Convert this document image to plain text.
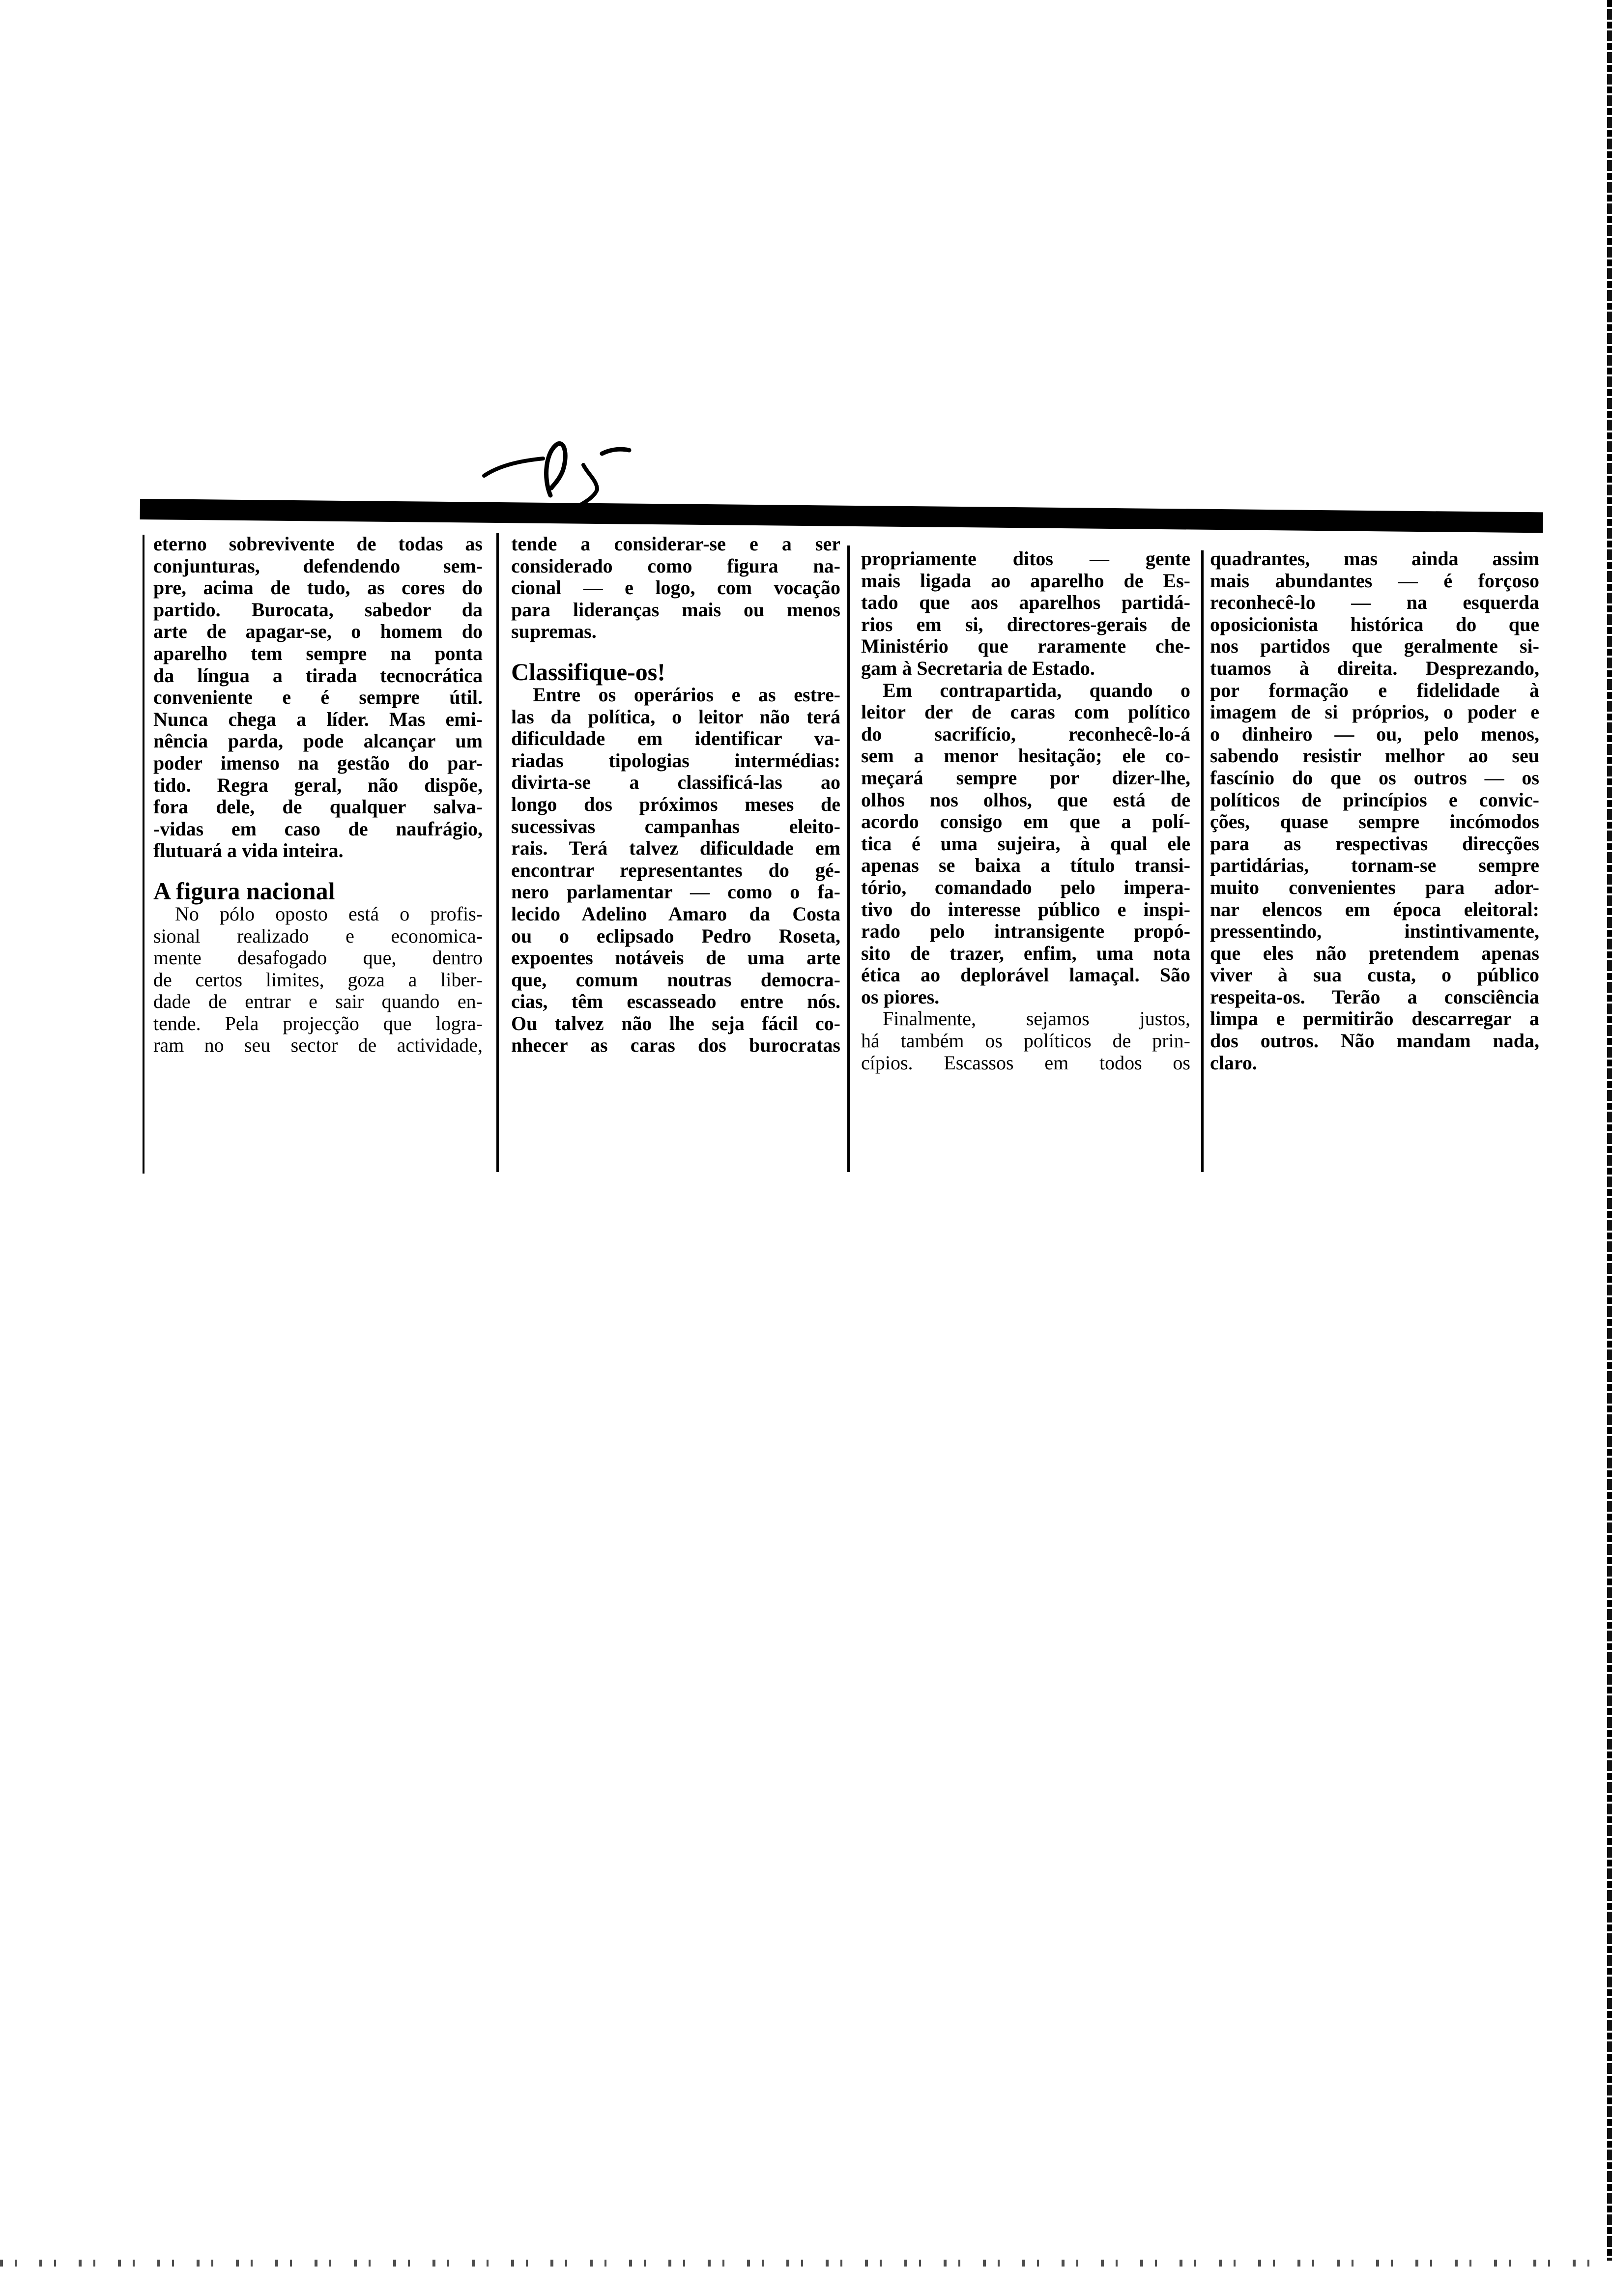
eterno sobrevivente de todas as
conjunturas, defendendo sem-
pre, acima de tudo, as cores do
partido. Burocata, sabedor da
arte de apagar-se, o homem do
aparelho tem sempre na ponta
da língua a tirada tecnocrática
conveniente e é sempre útil.
Nunca chega a líder. Mas emi-
nência parda, pode alcançar um
poder imenso na gestão do par-
tido. Regra geral, não dispõe,
fora dele, de qualquer salva-
-vidas em caso de naufrágio,
flutuará a vida inteira.

A figura nacional

No pólo oposto está o profis-
sional realizado e economica-
mente desafogado que, dentro
de certos limites, goza a liber-
dade de entrar e sair quando en-
tende. Pela projecção que logra-
ram no seu sector de actividade,

tende a considerar-se e a ser
considerado como figura na-
cional — e logo, com vocação
para lideranças mais ou menos
supremas.

Classifique-os!

Entre os operários e as estre-
las da política, o leitor não terá
dificuldade em identificar va-
riadas tipologias intermédias:
divirta-se a classificá-las ao
longo dos próximos meses de
sucessivas campanhas eleito-
rais. Terá talvez dificuldade em
encontrar representantes do gé-
nero parlamentar — como o fa-
lecido Adelino Amaro da Costa
ou o eclipsado Pedro Roseta,
expoentes notáveis de uma arte
que, comum noutras democra-
cias, têm escasseado entre nós.
Ou talvez não lhe seja fácil co-
nhecer as caras dos burocratas

propriamente ditos — gente
mais ligada ao aparelho de Es-
tado que aos aparelhos partidá-
rios em si, directores-gerais de
Ministério que raramente che-
gam à Secretaria de Estado.

Em contrapartida, quando o
leitor der de caras com político
do sacrifício, reconhecê-lo-á
sem a menor hesitação; ele co-
meçará sempre por dizer-lhe,
olhos nos olhos, que está de
acordo consigo em que a polí-
tica é uma sujeira, à qual ele
apenas se baixa a título transi-
tório, comandado pelo impera-
tivo do interesse público e inspi-
rado pelo intransigente propó-
sito de trazer, enfim, uma nota
ética ao deplorável lamaçal. São
os piores.

Finalmente, sejamos justos,
há também os políticos de prin-
cípios. Escassos em todos os

quadrantes, mas ainda assim
mais abundantes — é forçoso
reconhecê-lo — na esquerda
oposicionista histórica do que
nos partidos que geralmente si-
tuamos à direita. Desprezando,
por formação e fidelidade à
imagem de si próprios, o poder e
o dinheiro — ou, pelo menos,
sabendo resistir melhor ao seu
fascínio do que os outros — os
políticos de princípios e convic-
ções, quase sempre incómodos
para as respectivas direcções
partidárias, tornam-se sempre
muito convenientes para ador-
nar elencos em época eleitoral:
pressentindo, instintivamente,
que eles não pretendem apenas
viver à sua custa, o público
respeita-os. Terão a consciência
limpa e permitirão descarregar a
dos outros. Não mandam nada,
claro.
